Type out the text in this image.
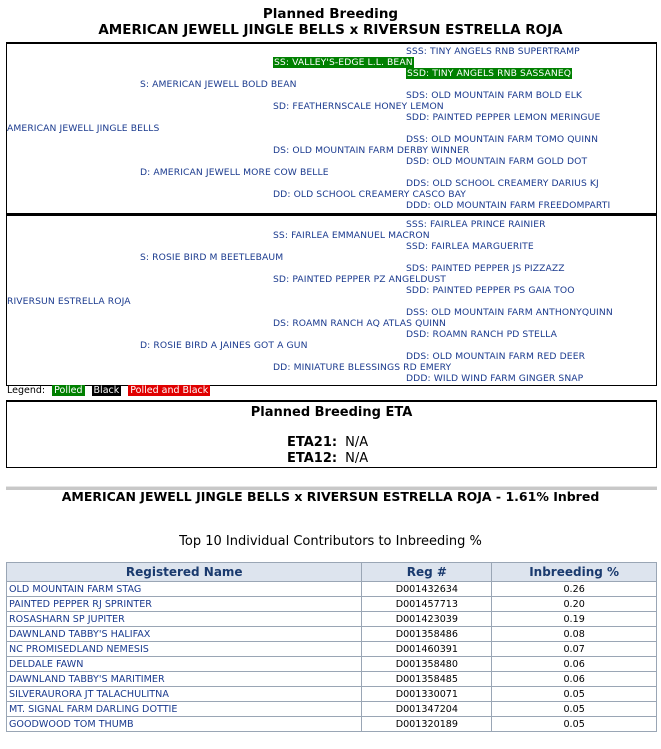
Planned Breeding
AMERICAN JEWELL JINGLE BELLS x RIVERSUN ESTRELLA ROJA
SSS: TINY ANGELS RNB SUPERTRAMP
SS: VALLEY'S-EDGE L.L. BEAN
SSD: TINY ANGELS RNB SASSANEQ
S: AMERICAN JEWELL BOLD BEAN
SDS: OLD MOUNTAIN FARM BOLD ELK
SD: FEATHERNSCALE HONEY LEMON
SDD: PAINTED PEPPER LEMON MERINGUE
AMERICAN JEWELL JINGLE BELLS
DSS: OLD MOUNTAIN FARM TOMO QUINN
DS: OLD MOUNTAIN FARM DERBY WINNER
DSD: OLD MOUNTAIN FARM GOLD DOT
D: AMERICAN JEWELL MORE COW BELLE
DDS: OLD SCHOOL CREAMERY DARIUS KJ
DD: OLD SCHOOL CREAMERY CASCO BAY
DDD: OLD MOUNTAIN FARM FREEDOMPARTI
SSS: FAIRLEA PRINCE RAINIER
SS: FAIRLEA EMMANUEL MACRON
SSD: FAIRLEA MARGUERITE
S: ROSIE BIRD M BEETLEBAUM
SDS: PAINTED PEPPER JS PIZZAZZ
SD: PAINTED PEPPER PZ ANGELDUST
SDD: PAINTED PEPPER PS GAIA TOO
RIVERSUN ESTRELLA ROJA
DSS: OLD MOUNTAIN FARM ANTHONYQUINN
DS: ROAMN RANCH AQ ATLAS QUINN
DSD: ROAMN RANCH PD STELLA
D: ROSIE BIRD A JAINES GOT A GUN
DDS: OLD MOUNTAIN FARM RED DEER
DD: MINIATURE BLESSINGS RD EMERY
DDD: WILD WIND FARM GINGER SNAP
Legend: Polled Black Polled and Black
Planned Breeding ETA
ETA21: N/A
ETA12: N/A
AMERICAN JEWELL JINGLE BELLS x RIVERSUN ESTRELLA ROJA - 1.61% Inbred
Top 10 Individual Contributors to Inbreeding %
Registered Name	Reg #	Inbreeding %
OLD MOUNTAIN FARM STAG	D001432634	0.26
PAINTED PEPPER RJ SPRINTER	D001457713	0.20
ROSASHARN SP JUPITER	D001423039	0.19
DAWNLAND TABBY'S HALIFAX	D001358486	0.08
NC PROMISEDLAND NEMESIS	D001460391	0.07
DELDALE FAWN	D001358480	0.06
DAWNLAND TABBY'S MARITIMER	D001358485	0.06
SILVERAURORA JT TALACHULITNA	D001330071	0.05
MT. SIGNAL FARM DARLING DOTTIE	D001347204	0.05
GOODWOOD TOM THUMB	D001320189	0.05
